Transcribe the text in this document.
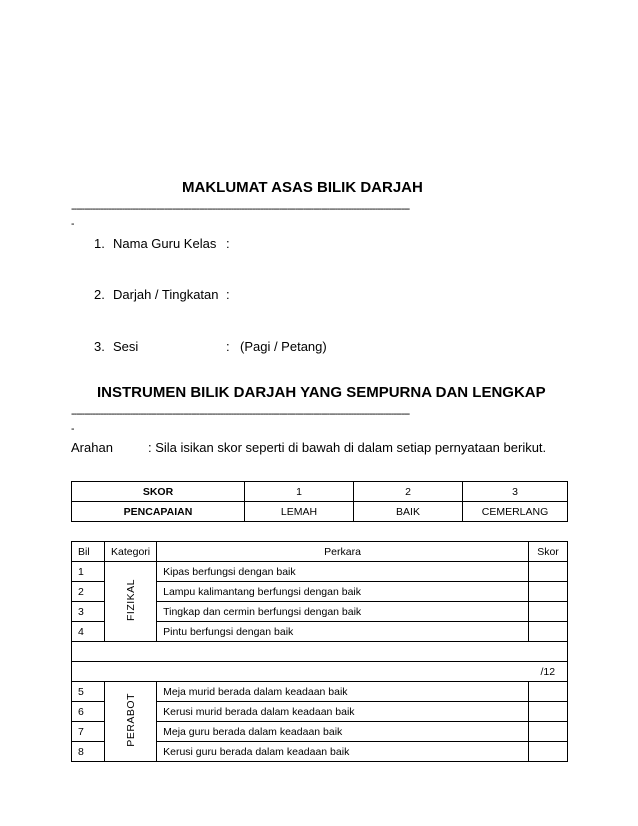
MAKLUMAT ASAS BILIK DARJAH
-------------------------------------------------------------------------------------------------------------------------------
-
1. Nama Guru Kelas :
2. Darjah / Tingkatan :
3. Sesi	: (Pagi / Petang)
INSTRUMEN BILIK DARJAH YANG SEMPURNA DAN LENGKAP
-------------------------------------------------------------------------------------------------------------------------------
-
Arahan	: Sila isikan skor seperti di bawah di dalam setiap pernyataan berikut.
SKOR	1	2	3
PENCAPAIAN	LEMAH	BAIK	CEMERLANG
Bil	Kategori	Perkara	Skor
1	FIZIKAL	Kipas berfungsi dengan baik	
2		Lampu kalimantang berfungsi dengan baik	
3		Tingkap dan cermin berfungsi dengan baik	
4		Pintu berfungsi dengan baik	

			/12
5	PERABOT	Meja murid berada dalam keadaan baik	
6		Kerusi murid berada dalam keadaan baik	
7		Meja guru berada dalam keadaan baik	
8		Kerusi guru berada dalam keadaan baik	
